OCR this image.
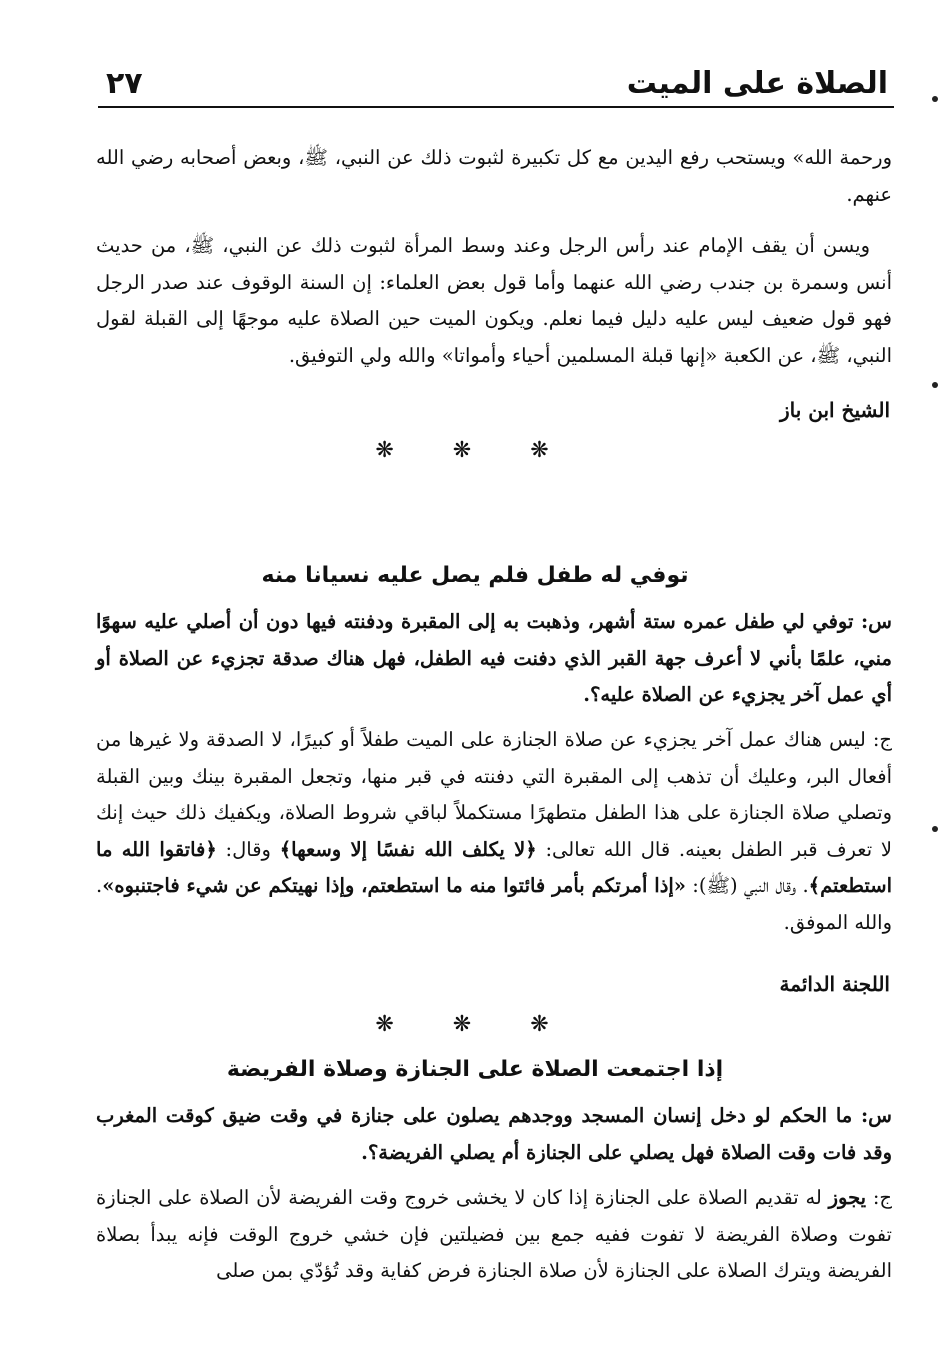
الصلاة على الميت
٢٧

ورحمة الله» ويستحب رفع اليدين مع كل تكبيرة لثبوت ذلك عن النبي، ﷺ، وبعض أصحابه رضي الله عنهم.

ويسن أن يقف الإمام عند رأس الرجل وعند وسط المرأة لثبوت ذلك عن النبي، ﷺ، من حديث أنس وسمرة بن جندب رضي الله عنهما وأما قول بعض العلماء: إن السنة الوقوف عند صدر الرجل فهو قول ضعيف ليس عليه دليل فيما نعلم. ويكون الميت حين الصلاة عليه موجهًا إلى القبلة لقول النبي، ﷺ، عن الكعبة «إنها قبلة المسلمين أحياء وأمواتا» والله ولي التوفيق.

الشيخ ابن باز
❋ ❋ ❋
توفي له طفل فلم يصل عليه نسيانا منه

س: توفي لي طفل عمره ستة أشهر، وذهبت به إلى المقبرة ودفنته فيها دون أن أصلي عليه سهوًا مني، علمًا بأني لا أعرف جهة القبر الذي دفنت فيه الطفل، فهل هناك صدقة تجزيء عن الصلاة أو أي عمل آخر يجزيء عن الصلاة عليه؟.

ج: ليس هناك عمل آخر يجزيء عن صلاة الجنازة على الميت طفلاً أو كبيرًا، لا الصدقة ولا غيرها من أفعال البر، وعليك أن تذهب إلى المقبرة التي دفنته في قبر منها، وتجعل المقبرة بينك وبين القبلة وتصلي صلاة الجنازة على هذا الطفل متطهرًا مستكملاً لباقي شروط الصلاة، ويكفيك ذلك حيث إنك لا تعرف قبر الطفل بعينه. قال الله تعالى: ﴿لا يكلف الله نفسًا إلا وسعها﴾ وقال: ﴿فاتقوا الله ما استطعتم﴾. وقال النبي (ﷺ): «إذا أمرتكم بأمر فائتوا منه ما استطعتم، وإذا نهيتكم عن شيء فاجتنبوه». والله الموفق.

اللجنة الدائمة
❋ ❋ ❋
إذا اجتمعت الصلاة على الجنازة وصلاة الفريضة

س: ما الحكم لو دخل إنسان المسجد ووجدهم يصلون على جنازة في وقت ضيق كوقت المغرب وقد فات وقت الصلاة فهل يصلي على الجنازة أم يصلي الفريضة؟.

ج: يجوز له تقديم الصلاة على الجنازة إذا كان لا يخشى خروج وقت الفريضة لأن الصلاة على الجنازة تفوت وصلاة الفريضة لا تفوت ففيه جمع بين فضيلتين فإن خشي خروج الوقت فإنه يبدأ بصلاة الفريضة ويترك الصلاة على الجنازة لأن صلاة الجنازة فرض كفاية وقد تُؤدّي بمن صلى
